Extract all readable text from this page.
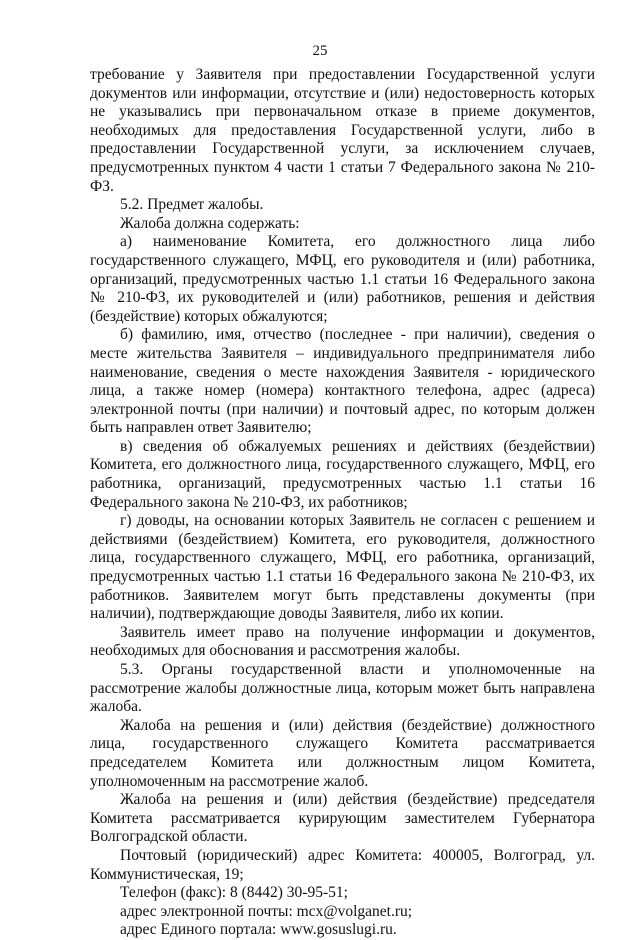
25

требование у Заявителя при предоставлении Государственной услуги документов или информации, отсутствие и (или) недостоверность которых не указывались при первоначальном отказе в приеме документов, необходимых для предоставления Государственной услуги, либо в предоставлении Государственной услуги, за исключением случаев, предусмотренных пунктом 4 части 1 статьи 7 Федерального закона № 210-ФЗ.

5.2. Предмет жалобы.

Жалоба должна содержать:

а) наименование Комитета, его должностного лица либо государственного служащего, МФЦ, его руководителя и (или) работника, организаций, предусмотренных частью 1.1 статьи 16 Федерального закона № 210-ФЗ, их руководителей и (или) работников, решения и действия (бездействие) которых обжалуются;

б) фамилию, имя, отчество (последнее - при наличии), сведения о месте жительства Заявителя – индивидуального предпринимателя либо наименование, сведения о месте нахождения Заявителя - юридического лица, а также номер (номера) контактного телефона, адрес (адреса) электронной почты (при наличии) и почтовый адрес, по которым должен быть направлен ответ Заявителю;

в) сведения об обжалуемых решениях и действиях (бездействии) Комитета, его должностного лица, государственного служащего, МФЦ, его работника, организаций, предусмотренных частью 1.1 статьи 16 Федерального закона № 210-ФЗ, их работников;

г) доводы, на основании которых Заявитель не согласен с решением и действиями (бездействием) Комитета, его руководителя, должностного лица, государственного служащего, МФЦ, его работника, организаций, предусмотренных частью 1.1 статьи 16 Федерального закона № 210-ФЗ, их работников. Заявителем могут быть представлены документы (при наличии), подтверждающие доводы Заявителя, либо их копии.

Заявитель имеет право на получение информации и документов, необходимых для обоснования и рассмотрения жалобы.

5.3. Органы государственной власти и уполномоченные на рассмотрение жалобы должностные лица, которым может быть направлена жалоба.

Жалоба на решения и (или) действия (бездействие) должностного лица, государственного служащего Комитета рассматривается председателем Комитета или должностным лицом Комитета, уполномоченным на рассмотрение жалоб.

Жалоба на решения и (или) действия (бездействие) председателя Комитета рассматривается курирующим заместителем Губернатора Волгоградской области.

Почтовый (юридический) адрес Комитета: 400005, Волгоград, ул. Коммунистическая, 19;

Телефон (факс): 8 (8442) 30-95-51;

адрес электронной почты: mcx@volganet.ru;

адрес Единого портала: www.gosuslugi.ru.
